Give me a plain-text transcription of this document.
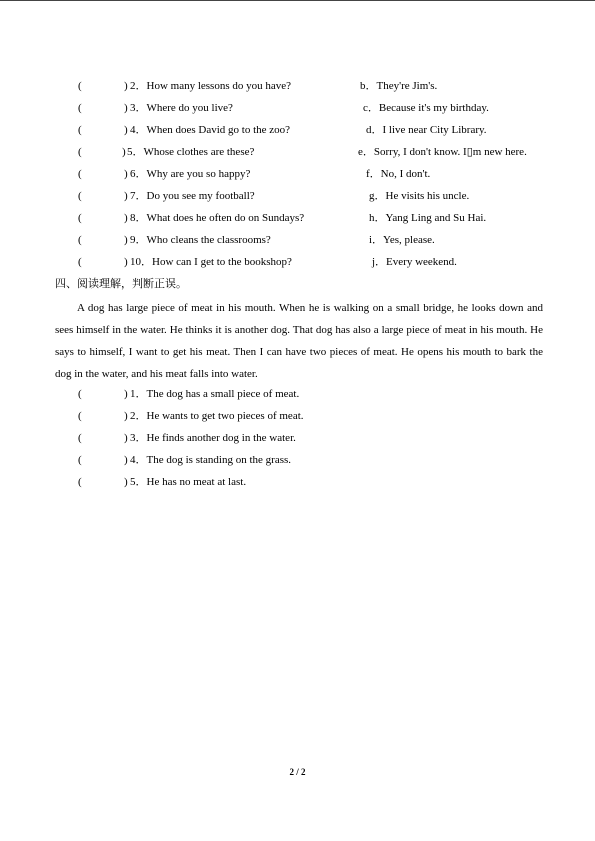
(	) 2．How many lessons do you have?	b．They're Jim's.
(	) 3．Where do you live?	c．Because it's my birthday.
(	) 4．When does David go to the zoo?	d．I live near City Library.
(	) 5．Whose clothes are these?	e．Sorry, I don't know. I▯m new here.
(	) 6．Why are you so happy?	f．No, I don't.
(	) 7．Do you see my football?	g．He visits his uncle.
(	) 8．What does he often do on Sundays?	h．Yang Ling and Su Hai.
(	) 9．Who cleans the classrooms?	i．Yes, please.
(	) 10．How can I get to the bookshop?	j．Every weekend.
四、阅读理解，判断正误。

A dog has large piece of meat in his mouth. When he is walking on a small bridge, he looks down and sees himself in the water. He thinks it is another dog. That dog has also a large piece of meat in his mouth. He says to himself, I want to get his meat. Then I can have two pieces of meat. He opens his mouth to bark the dog in the water, and his meat falls into water.

(	) 1．The dog has a small piece of meat.
(	) 2．He wants to get two pieces of meat.
(	) 3．He finds another dog in the water.
(	) 4．The dog is standing on the grass.
(	) 5．He has no meat at last.
2 / 2
